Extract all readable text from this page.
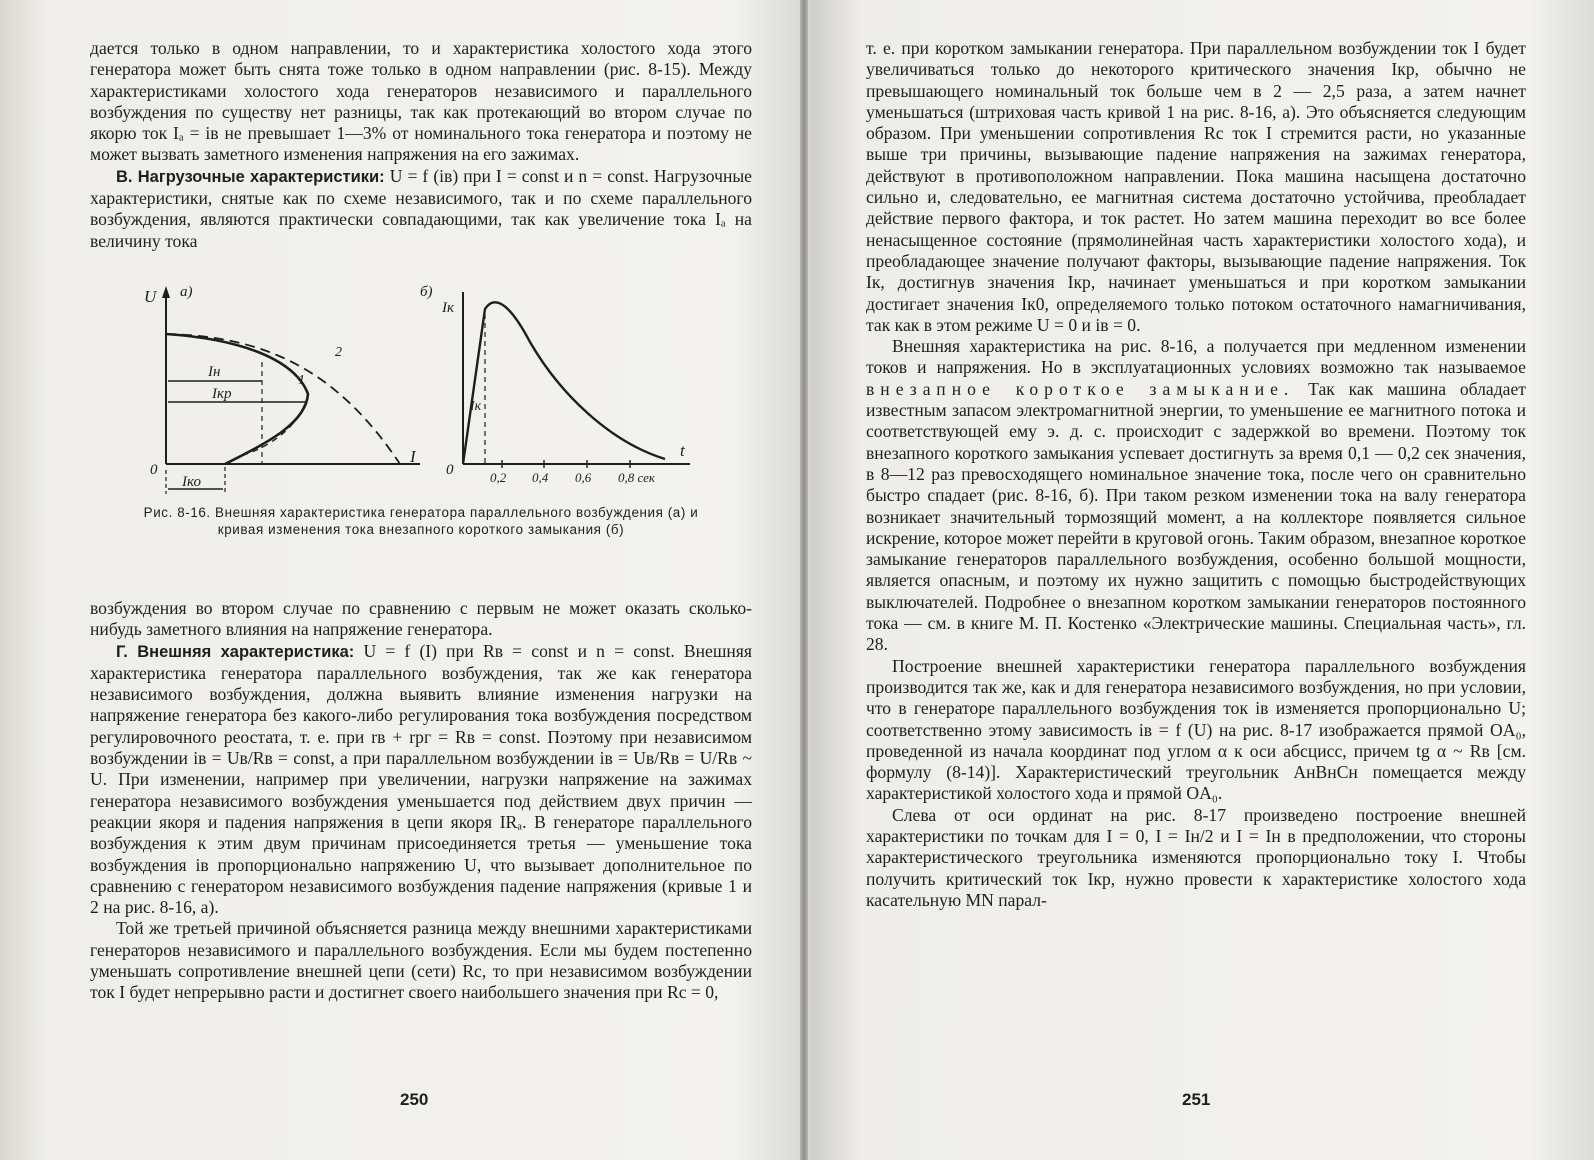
дается только в одном направлении, то и характеристика холостого хода этого генератора может быть снята тоже только в одном направлении (рис. 8-15). Между характеристиками холостого хода генераторов независимого и параллельного возбуждения по существу нет разницы, так как протекающий во втором случае по якорю ток Iₐ = iв не превышает 1—3% от номинального тока генератора и поэтому не может вызвать заметного изменения напряжения на его зажимах.

В. Нагрузочные характеристики: U = f (iв) при I = const и n = const. Нагрузочные характеристики, снятые как по схеме независимого, так и по схеме параллельного возбуждения, являются практически совпадающими, так как увеличение тока Iₐ на величину тока

U а)
0
I
Iн
Iкр
Iко
1
2
б)
Iк
0
t
Iк
0,2 0,4 0,6 0,8 сек
Рис. 8-16. Внешняя характеристика генератора параллельного возбуждения (а) и кривая изменения тока внезапного короткого замыкания (б)

возбуждения во втором случае по сравнению с первым не может оказать сколько-нибудь заметного влияния на напряжение генератора.

Г. Внешняя характеристика: U = f (I) при Rв = const и n = const. Внешняя характеристика генератора параллельного возбуждения, так же как генератора независимого возбуждения, должна выявить влияние изменения нагрузки на напряжение генератора без какого-либо регулирования тока возбуждения посредством регулировочного реостата, т. е. при rв + rрг = Rв = const. Поэтому при независимом возбуждении iв = Uв/Rв = const, а при параллельном возбуждении iв = Uв/Rв = U/Rв ~ U. При изменении, например при увеличении, нагрузки напряжение на зажимах генератора независимого возбуждения уменьшается под действием двух причин — реакции якоря и падения напряжения в цепи якоря IRₐ. В генераторе параллельного возбуждения к этим двум причинам присоединяется третья — уменьшение тока возбуждения iв пропорционально напряжению U, что вызывает дополнительное по сравнению с генератором независимого возбуждения падение напряжения (кривые 1 и 2 на рис. 8-16, а).

Той же третьей причиной объясняется разница между внешними характеристиками генераторов независимого и параллельного возбуждения. Если мы будем постепенно уменьшать сопротивление внешней цепи (сети) Rс, то при независимом возбуждении ток I будет непрерывно расти и достигнет своего наибольшего значения при Rс = 0,

250

т. е. при коротком замыкании генератора. При параллельном возбуждении ток I будет увеличиваться только до некоторого критического значения Iкр, обычно не превышающего номинальный ток больше чем в 2 — 2,5 раза, а затем начнет уменьшаться (штриховая часть кривой 1 на рис. 8-16, а). Это объясняется следующим образом. При уменьшении сопротивления Rс ток I стремится расти, но указанные выше три причины, вызывающие падение напряжения на зажимах генератора, действуют в противоположном направлении. Пока машина насыщена достаточно сильно и, следовательно, ее магнитная система достаточно устойчива, преобладает действие первого фактора, и ток растет. Но затем машина переходит во все более ненасыщенное состояние (прямолинейная часть характеристики холостого хода), и преобладающее значение получают факторы, вызывающие падение напряжения. Ток Iк, достигнув значения Iкр, начинает уменьшаться и при коротком замыкании достигает значения Iк0, определяемого только потоком остаточного намагничивания, так как в этом режиме U = 0 и iв = 0.

Внешняя характеристика на рис. 8-16, а получается при медленном изменении токов и напряжения. Но в эксплуатационных условиях возможно так называемое внезапное короткое замыкание. Так как машина обладает известным запасом электромагнитной энергии, то уменьшение ее магнитного потока и соответствующей ему э. д. с. происходит с задержкой во времени. Поэтому ток внезапного короткого замыкания успевает достигнуть за время 0,1 — 0,2 сек значения, в 8—12 раз превосходящего номинальное значение тока, после чего он сравнительно быстро спадает (рис. 8-16, б). При таком резком изменении тока на валу генератора возникает значительный тормозящий момент, а на коллекторе появляется сильное искрение, которое может перейти в круговой огонь. Таким образом, внезапное короткое замыкание генераторов параллельного возбуждения, особенно большой мощности, является опасным, и поэтому их нужно защитить с помощью быстродействующих выключателей. Подробнее о внезапном коротком замыкании генераторов постоянного тока — см. в книге М. П. Костенко «Электрические машины. Специальная часть», гл. 28.

Построение внешней характеристики генератора параллельного возбуждения производится так же, как и для генератора независимого возбуждения, но при условии, что в генераторе параллельного возбуждения ток iв изменяется пропорционально U; соответственно этому зависимость iв = f (U) на рис. 8-17 изображается прямой OA₀, проведенной из начала координат под углом α к оси абсцисс, причем tg α ~ Rв [см. формулу (8-14)]. Характеристический треугольник AнBнCн помещается между характеристикой холостого хода и прямой OA₀.

Слева от оси ординат на рис. 8-17 произведено построение внешней характеристики по точкам для I = 0, I = Iн/2 и I = Iн в предположении, что стороны характеристического треугольника изменяются пропорционально току I. Чтобы получить критический ток Iкр, нужно провести к характеристике холостого хода касательную MN парал-

251
